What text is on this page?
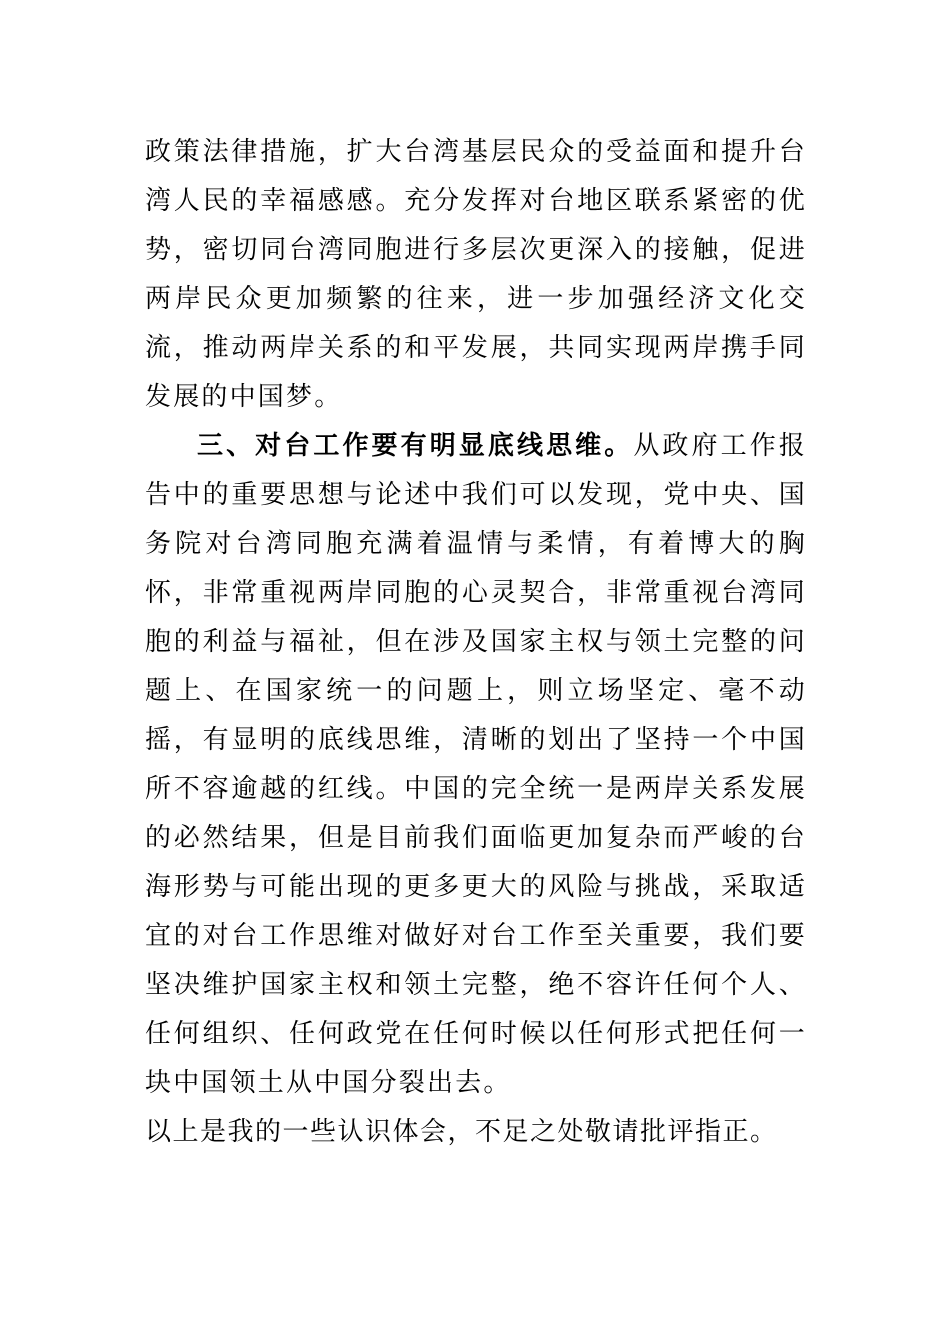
政策法律措施，扩大台湾基层民众的受益面和提升台湾人民的幸福感感。充分发挥对台地区联系紧密的优势，密切同台湾同胞进行多层次更深入的接触，促进两岸民众更加频繁的往来，进一步加强经济文化交流，推动两岸关系的和平发展，共同实现两岸携手同发展的中国梦。

三、对台工作要有明显底线思维。从政府工作报告中的重要思想与论述中我们可以发现，党中央、国务院对台湾同胞充满着温情与柔情，有着博大的胸怀，非常重视两岸同胞的心灵契合，非常重视台湾同胞的利益与福祉，但在涉及国家主权与领土完整的问题上、在国家统一的问题上，则立场坚定、毫不动摇，有显明的底线思维，清晰的划出了坚持一个中国所不容逾越的红线。中国的完全统一是两岸关系发展的必然结果，但是目前我们面临更加复杂而严峻的台海形势与可能出现的更多更大的风险与挑战，采取适宜的对台工作思维对做好对台工作至关重要，我们要坚决维护国家主权和领土完整，绝不容许任何个人、任何组织、任何政党在任何时候以任何形式把任何一块中国领土从中国分裂出去。

以上是我的一些认识体会，不足之处敬请批评指正。
